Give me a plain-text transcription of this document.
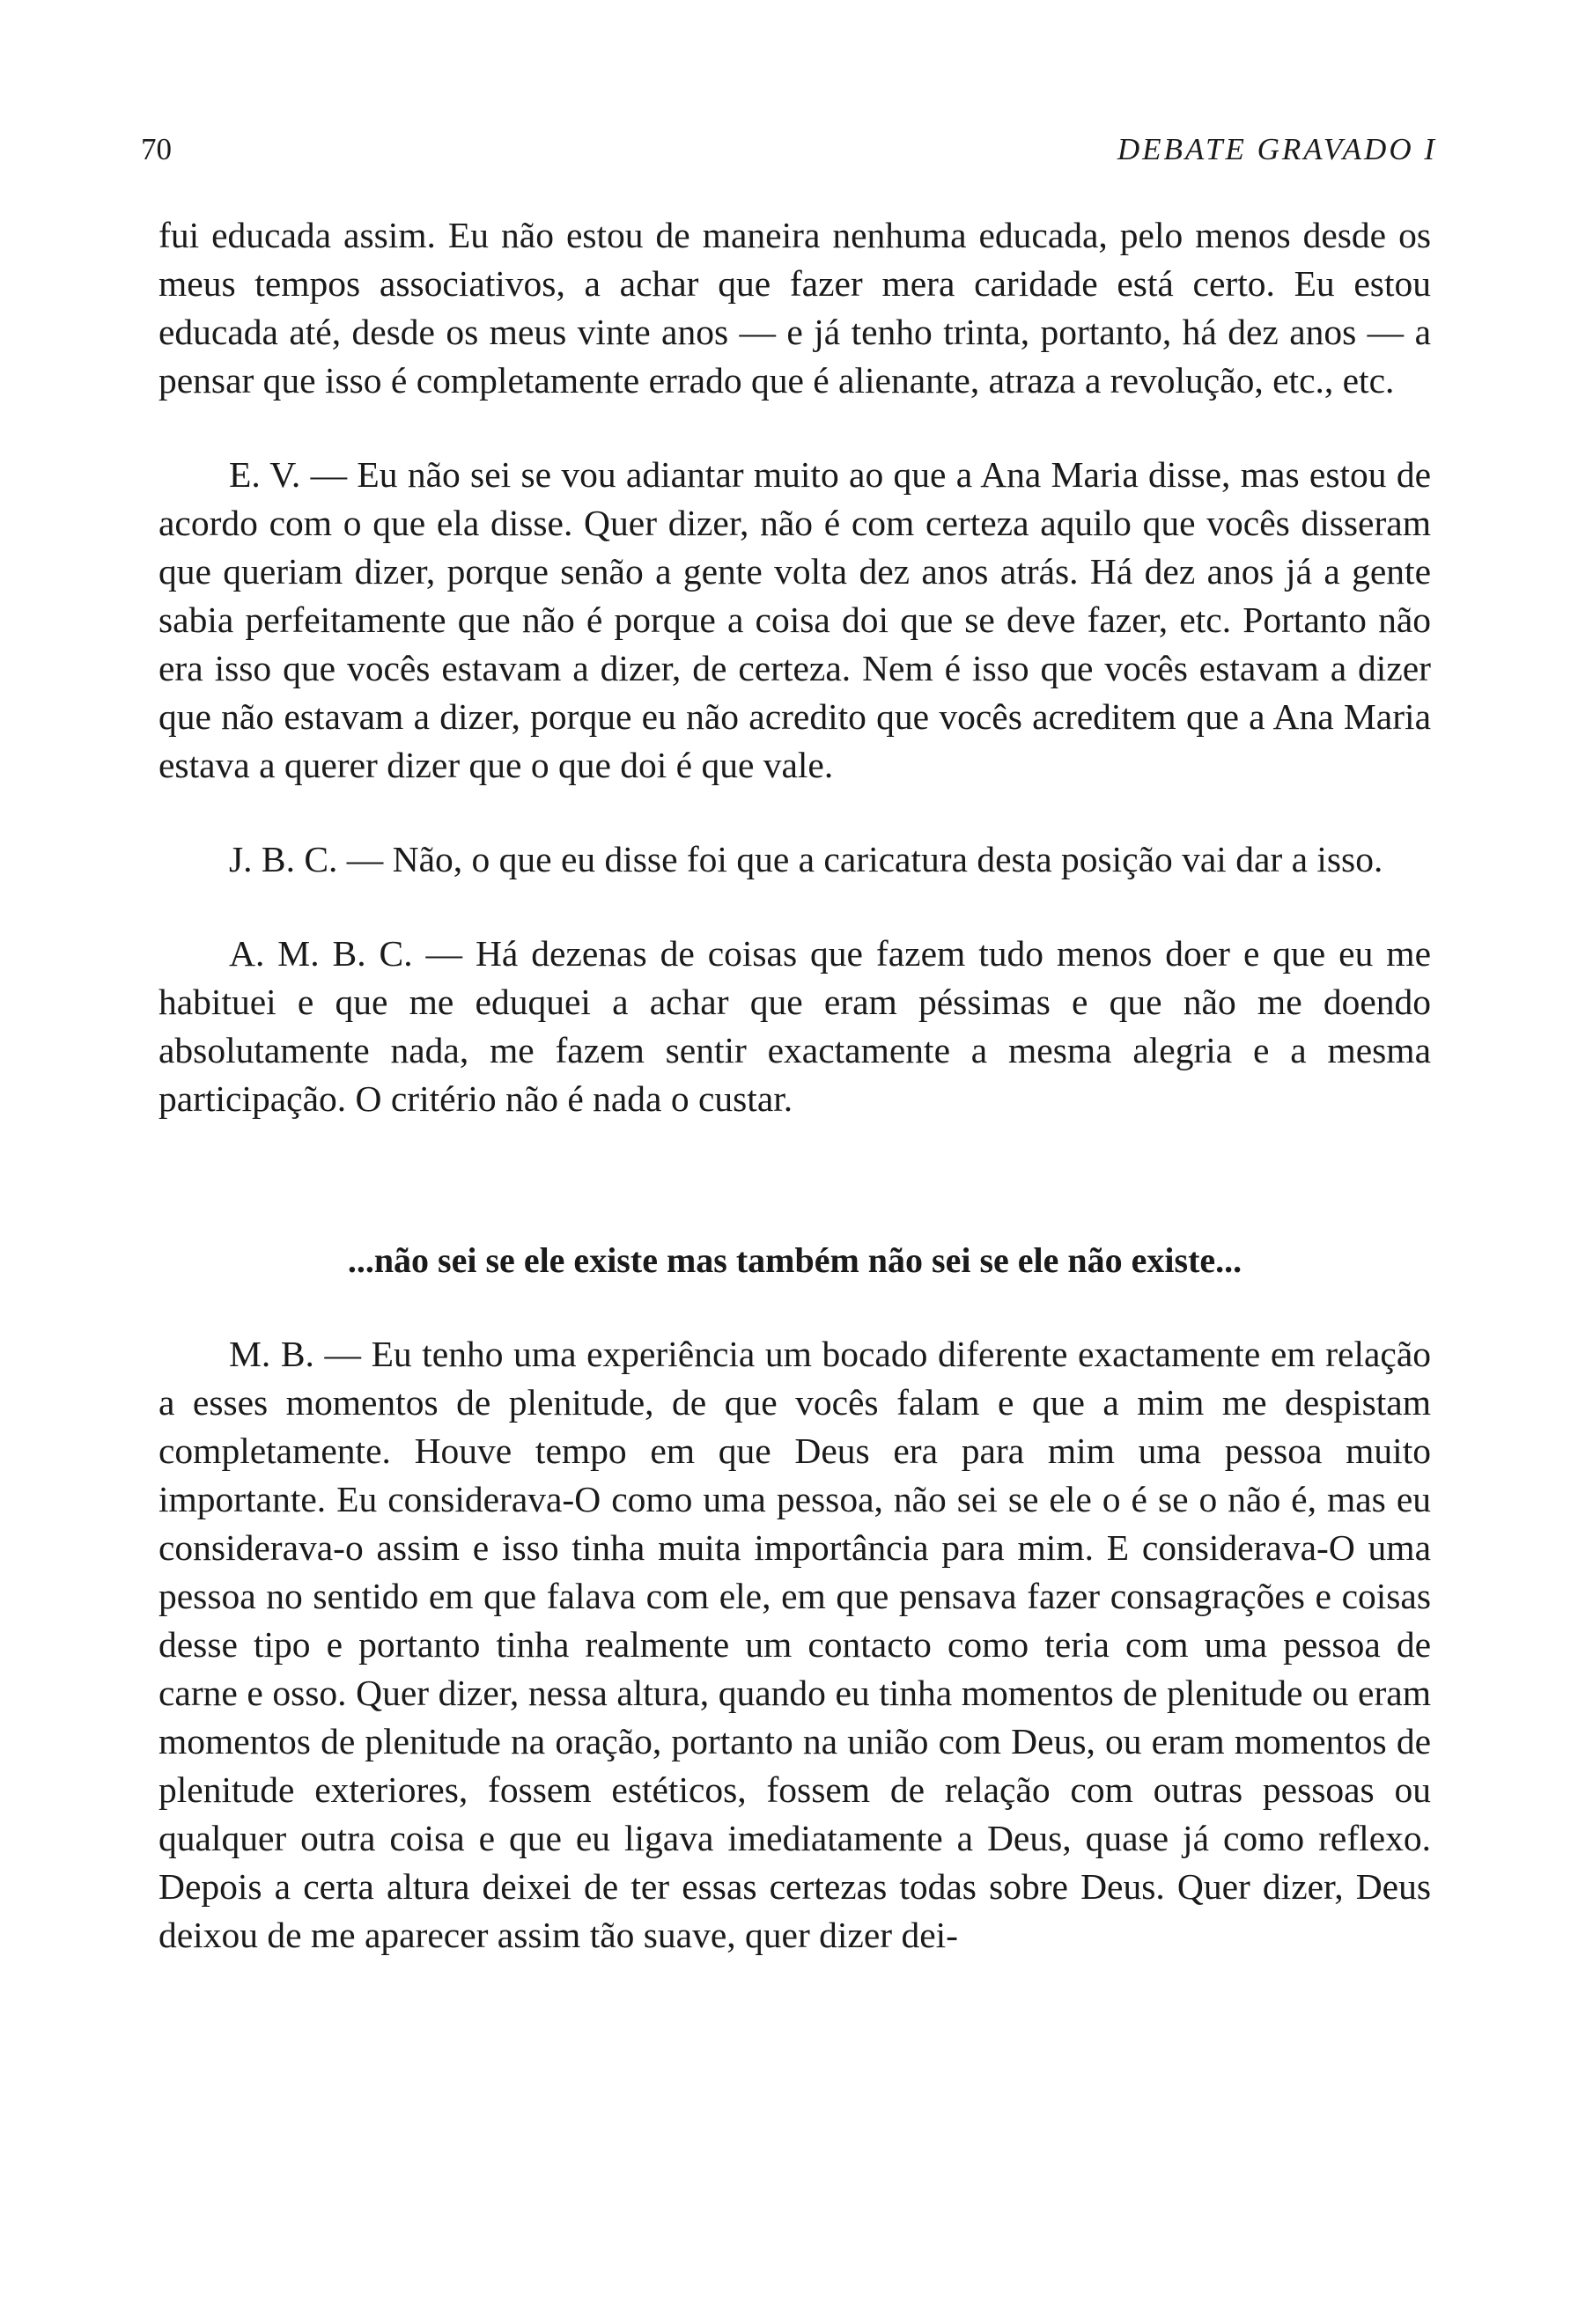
70	DEBATE GRAVADO I

fui educada assim. Eu não estou de maneira nenhuma educada, pelo menos desde os meus tempos associativos, a achar que fazer mera caridade está certo. Eu estou educada até, desde os meus vinte anos — e já tenho trinta, portanto, há dez anos — a pensar que isso é completamente errado que é alienante, atraza a revolução, etc., etc.

E. V. — Eu não sei se vou adiantar muito ao que a Ana Maria disse, mas estou de acordo com o que ela disse. Quer dizer, não é com certeza aquilo que vocês disseram que queriam dizer, porque senão a gente volta dez anos atrás. Há dez anos já a gente sabia perfeitamente que não é porque a coisa doi que se deve fazer, etc. Portanto não era isso que vocês estavam a dizer, de certeza. Nem é isso que vocês estavam a dizer que não estavam a dizer, porque eu não acredito que vocês acreditem que a Ana Maria estava a querer dizer que o que doi é que vale.

J. B. C. — Não, o que eu disse foi que a caricatura desta posição vai dar a isso.

A. M. B. C. — Há dezenas de coisas que fazem tudo menos doer e que eu me habituei e que me eduquei a achar que eram péssimas e que não me doendo absolutamente nada, me fazem sentir exactamente a mesma alegria e a mesma participação. O critério não é nada o custar.

...não sei se ele existe mas também não sei se ele não existe...

M. B. — Eu tenho uma experiência um bocado diferente exactamente em relação a esses momentos de plenitude, de que vocês falam e que a mim me despistam completamente. Houve tempo em que Deus era para mim uma pessoa muito importante. Eu considerava-O como uma pessoa, não sei se ele o é se o não é, mas eu considerava-o assim e isso tinha muita importância para mim. E considerava-O uma pessoa no sentido em que falava com ele, em que pensava fazer consagrações e coisas desse tipo e portanto tinha realmente um contacto como teria com uma pessoa de carne e osso. Quer dizer, nessa altura, quando eu tinha momentos de plenitude ou eram momentos de plenitude na oração, portanto na união com Deus, ou eram momentos de plenitude exteriores, fossem estéticos, fossem de relação com outras pessoas ou qualquer outra coisa e que eu ligava imediatamente a Deus, quase já como reflexo. Depois a certa altura deixei de ter essas certezas todas sobre Deus. Quer dizer, Deus deixou de me aparecer assim tão suave, quer dizer dei-
